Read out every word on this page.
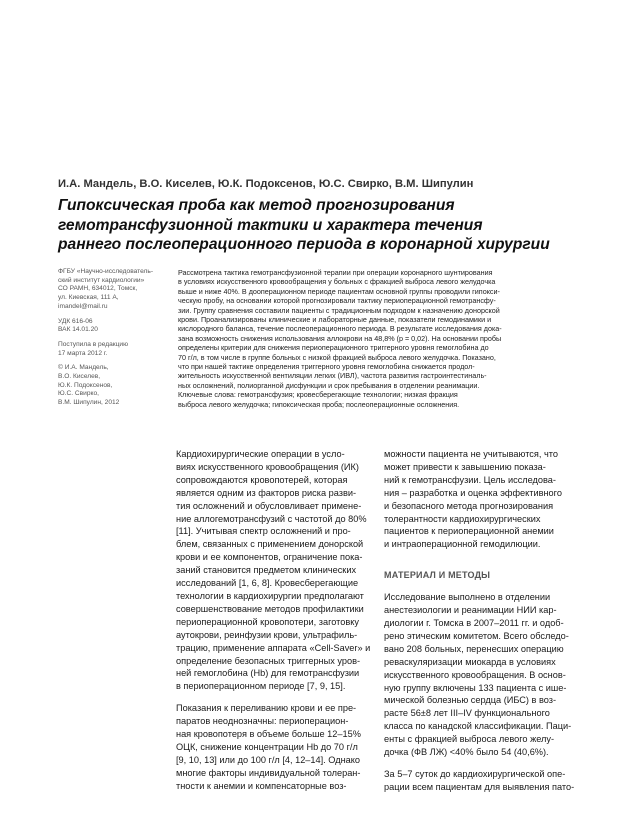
И.А. Мандель, В.О. Киселев, Ю.К. Подоксенов, Ю.С. Свирко, В.М. Шипулин
Гипоксическая проба как метод прогнозирования
гемотрансфузионной тактики и характера течения
раннего послеоперационного периода в коронарной хирургии
ФГБУ «Научно-исследователь-
ский институт кардиологии»
СО РАМН, 634012, Томск,
ул. Киевская, 111 А,
imandel@mail.ru
УДК 616-06
ВАК 14.01.20
Поступила в редакцию
17 марта 2012 г.
© И.А. Мандель,
В.О. Киселев,
Ю.К. Подоксенов,
Ю.С. Свирко,
В.М. Шипулин, 2012
Рассмотрена тактика гемотрансфузионной терапии при операции коронарного шунтирования
в условиях искусственного кровообращения у больных с фракцией выброса левого желудочка
выше и ниже 40%. В дооперационном периоде пациентам основной группы проводили гипокси-
ческую пробу, на основании которой прогнозировали тактику периоперационной гемотрансфу-
зии. Группу сравнения составили пациенты с традиционным подходом к назначению донорской
крови. Проанализированы клинические и лабораторные данные, показатели гемодинамики и
кислородного баланса, течение послеоперационного периода. В результате исследования дока-
зана возможность снижения использования аллокрови на 48,8% (p = 0,02). На основании пробы
определены критерии для снижения периоперационного триггерного уровня гемоглобина до
70 г/л, в том числе в группе больных с низкой фракцией выброса левого желудочка. Показано,
что при нашей тактике определения триггерного уровня гемоглобина снижается продол-
жительность искусственной вентиляции легких (ИВЛ), частота развития гастроинтестиналь-
ных осложнений, полиорганной дисфункции и срок пребывания в отделении реанимации.
Ключевые слова: гемотрансфузия; кровесберегающие технологии; низкая фракция
выброса левого желудочка; гипоксическая проба; послеоперационные осложнения.
Кардиохирургические операции в усло-
виях искусственного кровообращения (ИК)
сопровождаются кровопотерей, которая
является одним из факторов риска разви-
тия осложнений и обусловливает примене-
ние аллогемотрансфузий с частотой до 80%
[11]. Учитывая спектр осложнений и про-
блем, связанных с применением донорской
крови и ее компонентов, ограничение пока-
заний становится предметом клинических
исследований [1, 6, 8]. Кровесберегающие
технологии в кардиохирургии предполагают
совершенствование методов профилактики
периоперационной кровопотери, заготовку
аутокрови, реинфузии крови, ультрафиль-
трацию, применение аппарата «Cell-Saver» и
определение безопасных триггерных уров-
ней гемоглобина (Hb) для гемотрансфузии
в периоперационном периоде [7, 9, 15].
Показания к переливанию крови и ее пре-
паратов неоднозначны: периоперацион-
ная кровопотеря в объеме больше 12–15%
ОЦК, снижение концентрации Hb до 70 г/л
[9, 10, 13] или до 100 г/л [4, 12–14]. Однако
многие факторы индивидуальной толеран-
тности к анемии и компенсаторные воз-
можности пациента не учитываются, что
может привести к завышению показа-
ний к гемотрансфузии. Цель исследова-
ния – разработка и оценка эффективного
и безопасного метода прогнозирования
толерантности кардиохирургических
пациентов к периоперационной анемии
и интраоперационной гемодилюции.
МАТЕРИАЛ И МЕТОДЫ
Исследование выполнено в отделении
анестезиологии и реанимации НИИ кар-
диологии г. Томска в 2007–2011 гг. и одоб-
рено этическим комитетом. Всего обследо-
вано 208 больных, перенесших операцию
реваскуляризации миокарда в условиях
искусственного кровообращения. В основ-
ную группу включены 133 пациента с ише-
мической болезнью сердца (ИБС) в воз-
расте 56±8 лет III–IV функционального
класса по канадской классификации. Паци-
енты с фракцией выброса левого желу-
дочка (ФВ ЛЖ) <40% было 54 (40,6%).
За 5–7 суток до кардиохирургической опе-
рации всем пациентам для выявления пато-
